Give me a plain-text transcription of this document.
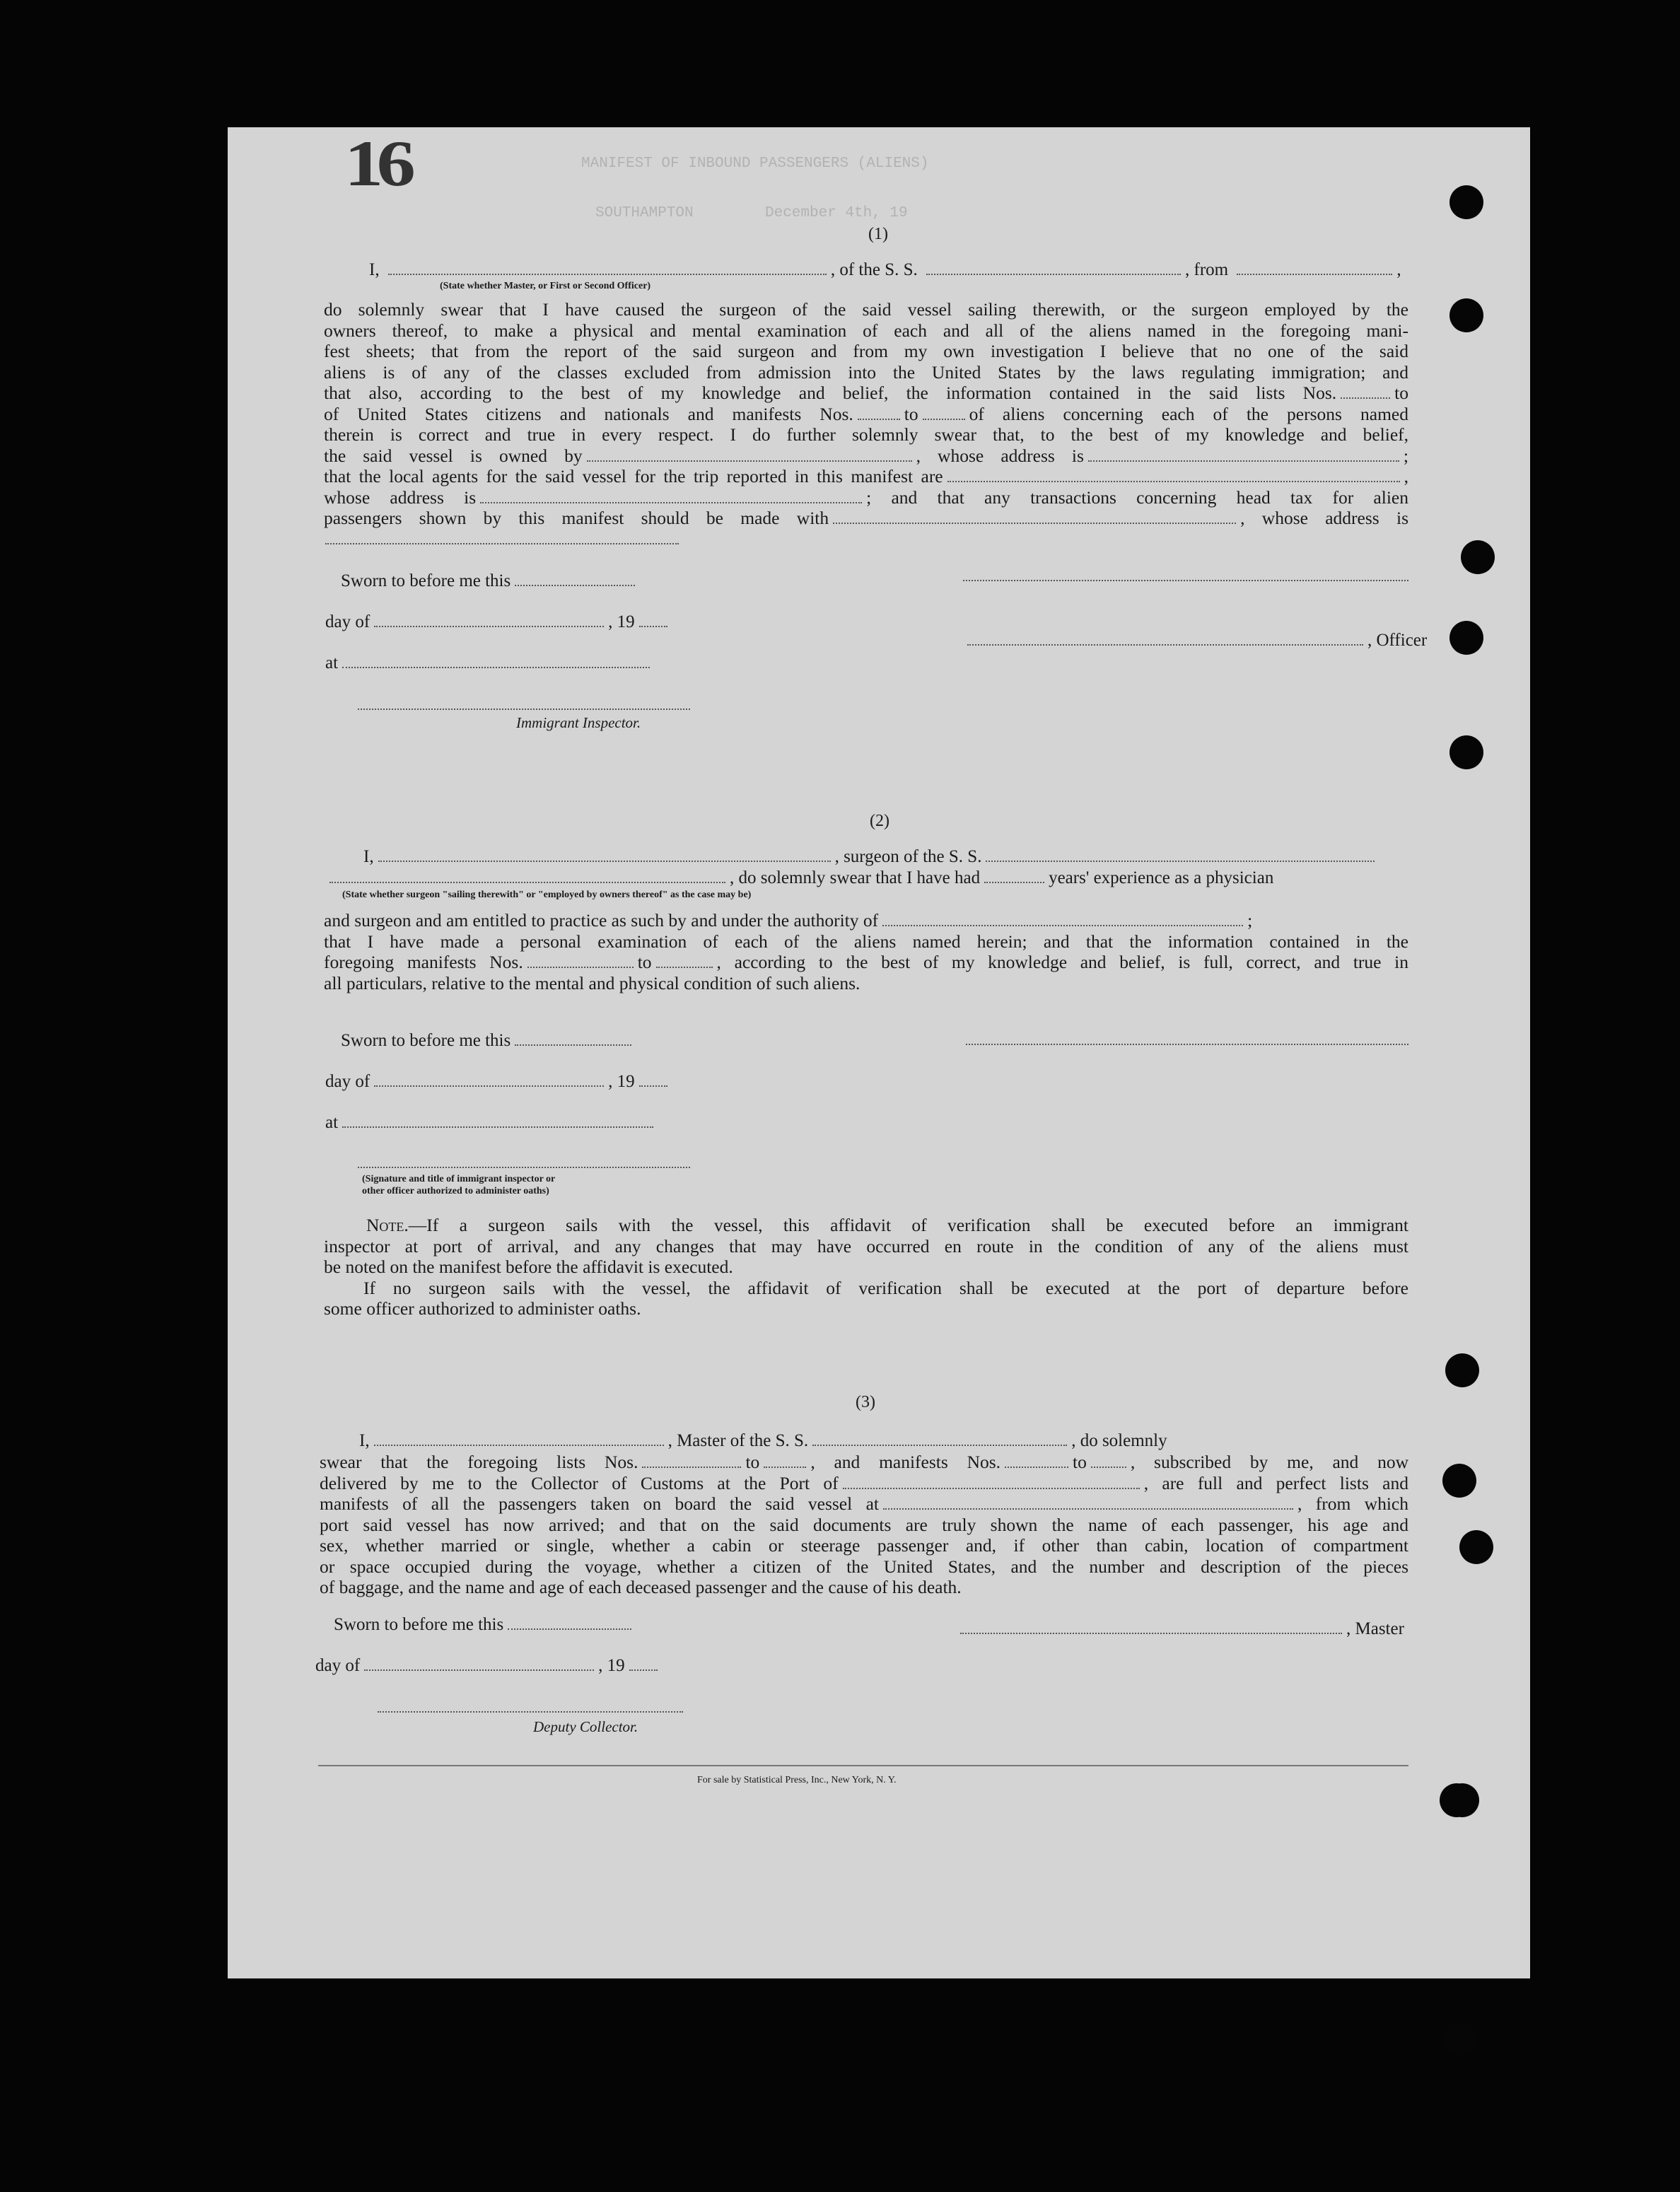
16	MANIFEST OF INBOUND PASSENGERS (ALIENS)
SOUTHAMPTON	December 4th, 19
(1)
I,	, of the S. S.	, from	,
(State whether Master, or First or Second Officer)
do solemnly swear that I have caused the surgeon of the said vessel sailing therewith, or the surgeon employed by the
owners thereof, to make a physical and mental examination of each and all of the aliens named in the foregoing mani-
fest sheets; that from the report of the said surgeon and from my own investigation I believe that no one of the said
aliens is of any of the classes excluded from admission into the United States by the laws regulating immigration; and
that also, according to the best of my knowledge and belief, the information contained in the said lists Nos.	to
of United States citizens and nationals and manifests Nos.	to	of aliens concerning each of the persons named
therein is correct and true in every respect. I do further solemnly swear that, to the best of my knowledge and belief,
the said vessel is owned by	, whose address is	;
that the local agents for the said vessel for the trip reported in this manifest are	,
whose address is	; and that any transactions concerning head tax for alien
passengers shown by this manifest should be made with	, whose address is
Sworn to before me this
day of	, 19
at
Immigrant Inspector.
, Officer
(2)
I,	, surgeon of the S. S.
, do solemnly swear that I have had	years' experience as a physician
(State whether surgeon "sailing therewith" or "employed by owners thereof" as the case may be)
and surgeon and am entitled to practice as such by and under the authority of	;
that I have made a personal examination of each of the aliens named herein; and that the information contained in the
foregoing manifests Nos.	to	, according to the best of my knowledge and belief, is full, correct, and true in
all particulars, relative to the mental and physical condition of such aliens.
Sworn to before me this
day of	, 19
at
(Signature and title of immigrant inspector or
other officer authorized to administer oaths)
Note.—If a surgeon sails with the vessel, this affidavit of verification shall be executed before an immigrant
inspector at port of arrival, and any changes that may have occurred en route in the condition of any of the aliens must
be noted on the manifest before the affidavit is executed.
If no surgeon sails with the vessel, the affidavit of verification shall be executed at the port of departure before
some officer authorized to administer oaths.
(3)
I,	, Master of the S. S.	, do solemnly
swear that the foregoing lists Nos.	to	, and manifests Nos.	to , subscribed by me, and now
delivered by me to the Collector of Customs at the Port of	, are full and perfect lists and
manifests of all the passengers taken on board the said vessel at	, from which
port said vessel has now arrived; and that on the said documents are truly shown the name of each passenger, his age and
sex, whether married or single, whether a cabin or steerage passenger and, if other than cabin, location of compartment
or space occupied during the voyage, whether a citizen of the United States, and the number and description of the pieces
of baggage, and the name and age of each deceased passenger and the cause of his death.
Sworn to before me this	, Master
day of	, 19
Deputy Collector.
For sale by Statistical Press, Inc., New York, N. Y.
